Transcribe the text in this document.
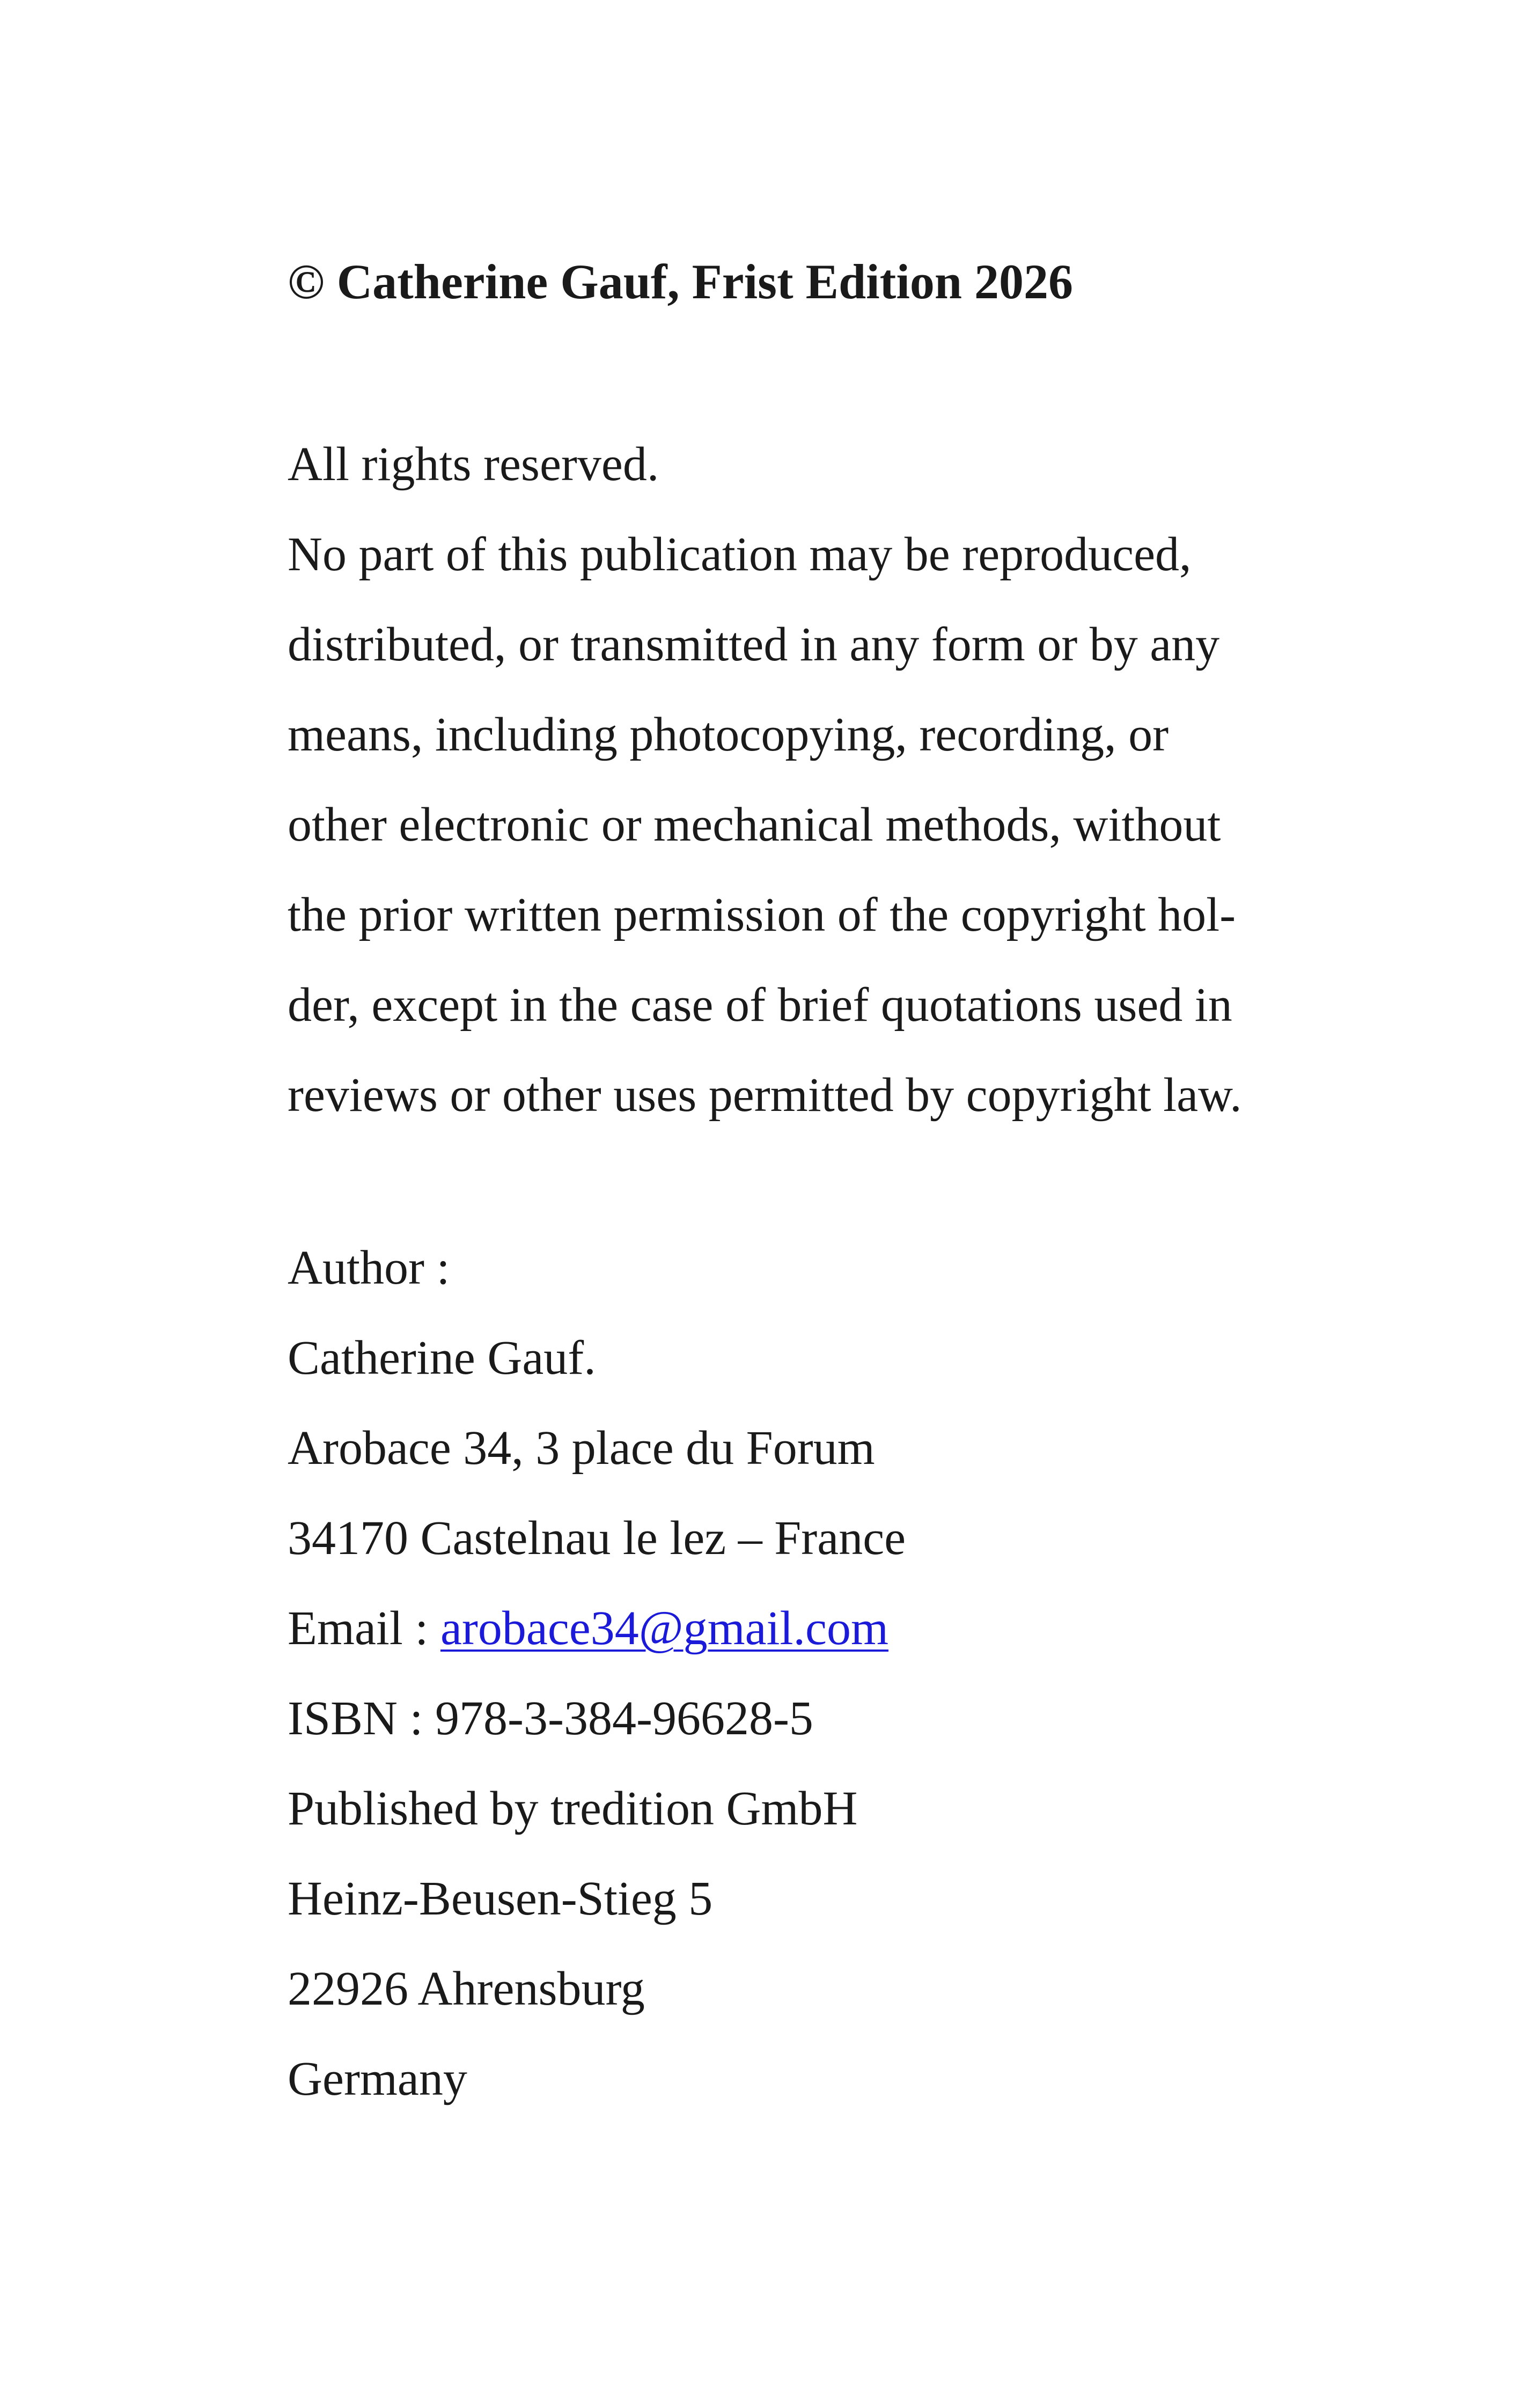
© Catherine Gauf, Frist Edition 2026
All rights reserved.
No part of this publication may be reproduced,
distributed, or transmitted in any form or by any
means, including photocopying, recording, or
other electronic or mechanical methods, without
the prior written permission of the copyright hol-
der, except in the case of brief quotations used in
reviews or other uses permitted by copyright law.
Author :
Catherine Gauf.
Arobace 34, 3 place du Forum
34170 Castelnau le lez – France
Email : arobace34@gmail.com
ISBN : 978-3-384-96628-5
Published by tredition GmbH
Heinz-Beusen-Stieg 5
22926 Ahrensburg
Germany
